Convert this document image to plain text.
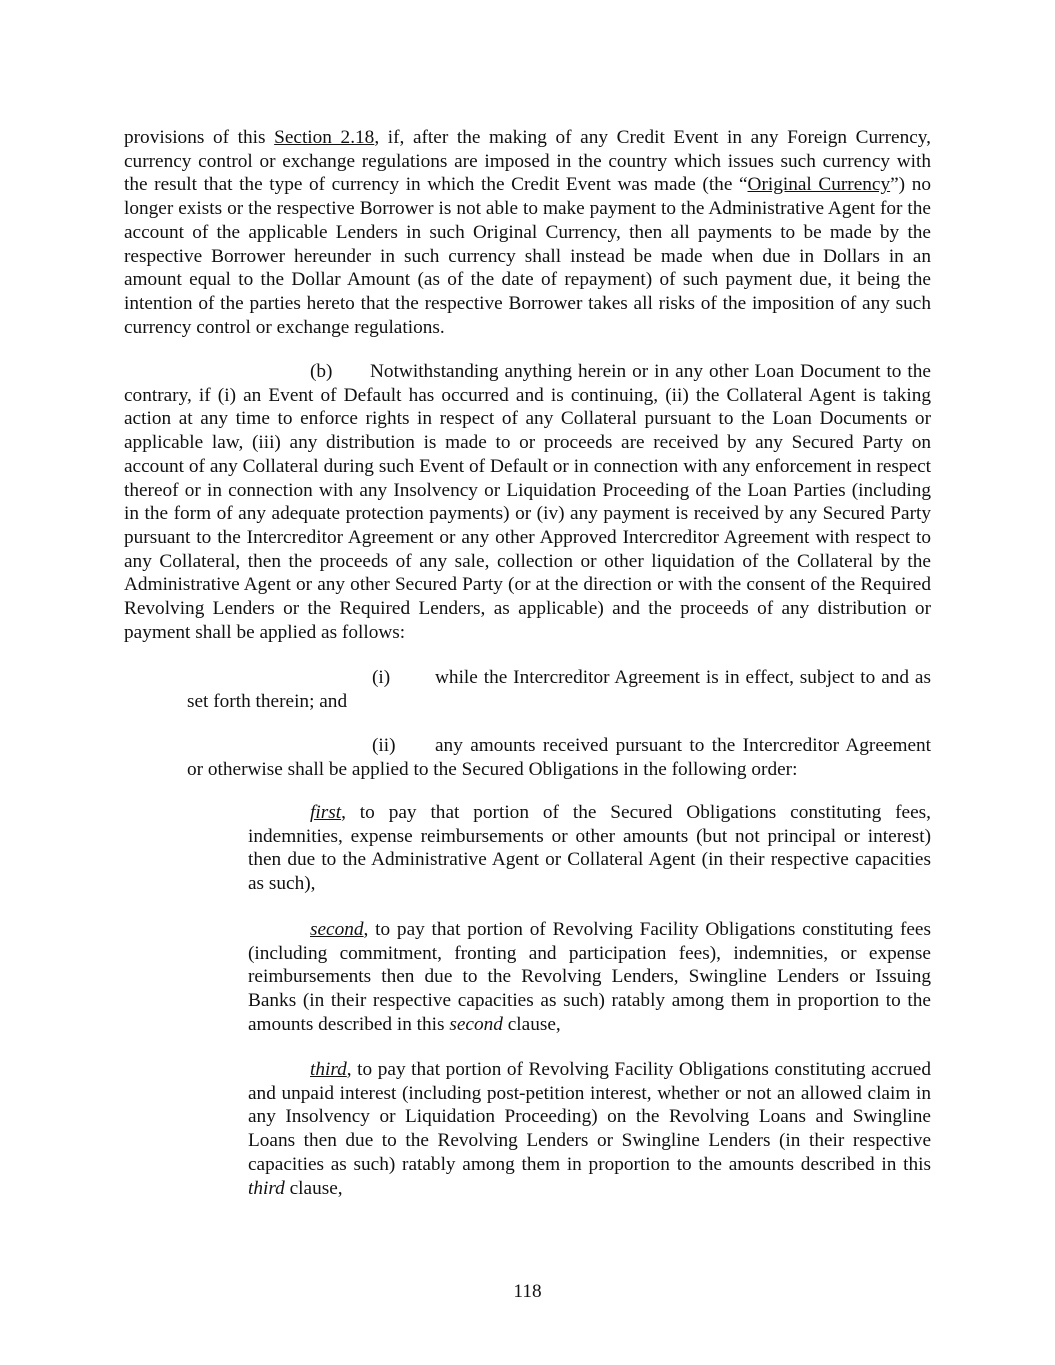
provisions of this Section 2.18, if, after the making of any Credit Event in any Foreign Currency, currency control or exchange regulations are imposed in the country which issues such currency with the result that the type of currency in which the Credit Event was made (the “Original Currency”) no longer exists or the respective Borrower is not able to make payment to the Administrative Agent for the account of the applicable Lenders in such Original Currency, then all payments to be made by the respective Borrower hereunder in such currency shall instead be made when due in Dollars in an amount equal to the Dollar Amount (as of the date of repayment) of such payment due, it being the intention of the parties hereto that the respective Borrower takes all risks of the imposition of any such currency control or exchange regulations.
(b) Notwithstanding anything herein or in any other Loan Document to the contrary, if (i) an Event of Default has occurred and is continuing, (ii) the Collateral Agent is taking action at any time to enforce rights in respect of any Collateral pursuant to the Loan Documents or applicable law, (iii) any distribution is made to or proceeds are received by any Secured Party on account of any Collateral during such Event of Default or in connection with any enforcement in respect thereof or in connection with any Insolvency or Liquidation Proceeding of the Loan Parties (including in the form of any adequate protection payments) or (iv) any payment is received by any Secured Party pursuant to the Intercreditor Agreement or any other Approved Intercreditor Agreement with respect to any Collateral, then the proceeds of any sale, collection or other liquidation of the Collateral by the Administrative Agent or any other Secured Party (or at the direction or with the consent of the Required Revolving Lenders or the Required Lenders, as applicable) and the proceeds of any distribution or payment shall be applied as follows:
(i) while the Intercreditor Agreement is in effect, subject to and as set forth therein; and
(ii) any amounts received pursuant to the Intercreditor Agreement or otherwise shall be applied to the Secured Obligations in the following order:
first, to pay that portion of the Secured Obligations constituting fees, indemnities, expense reimbursements or other amounts (but not principal or interest) then due to the Administrative Agent or Collateral Agent (in their respective capacities as such),
second, to pay that portion of Revolving Facility Obligations constituting fees (including commitment, fronting and participation fees), indemnities, or expense reimbursements then due to the Revolving Lenders, Swingline Lenders or Issuing Banks (in their respective capacities as such) ratably among them in proportion to the amounts described in this second clause,
third, to pay that portion of Revolving Facility Obligations constituting accrued and unpaid interest (including post-petition interest, whether or not an allowed claim in any Insolvency or Liquidation Proceeding) on the Revolving Loans and Swingline Loans then due to the Revolving Lenders or Swingline Lenders (in their respective capacities as such) ratably among them in proportion to the amounts described in this third clause,
118
